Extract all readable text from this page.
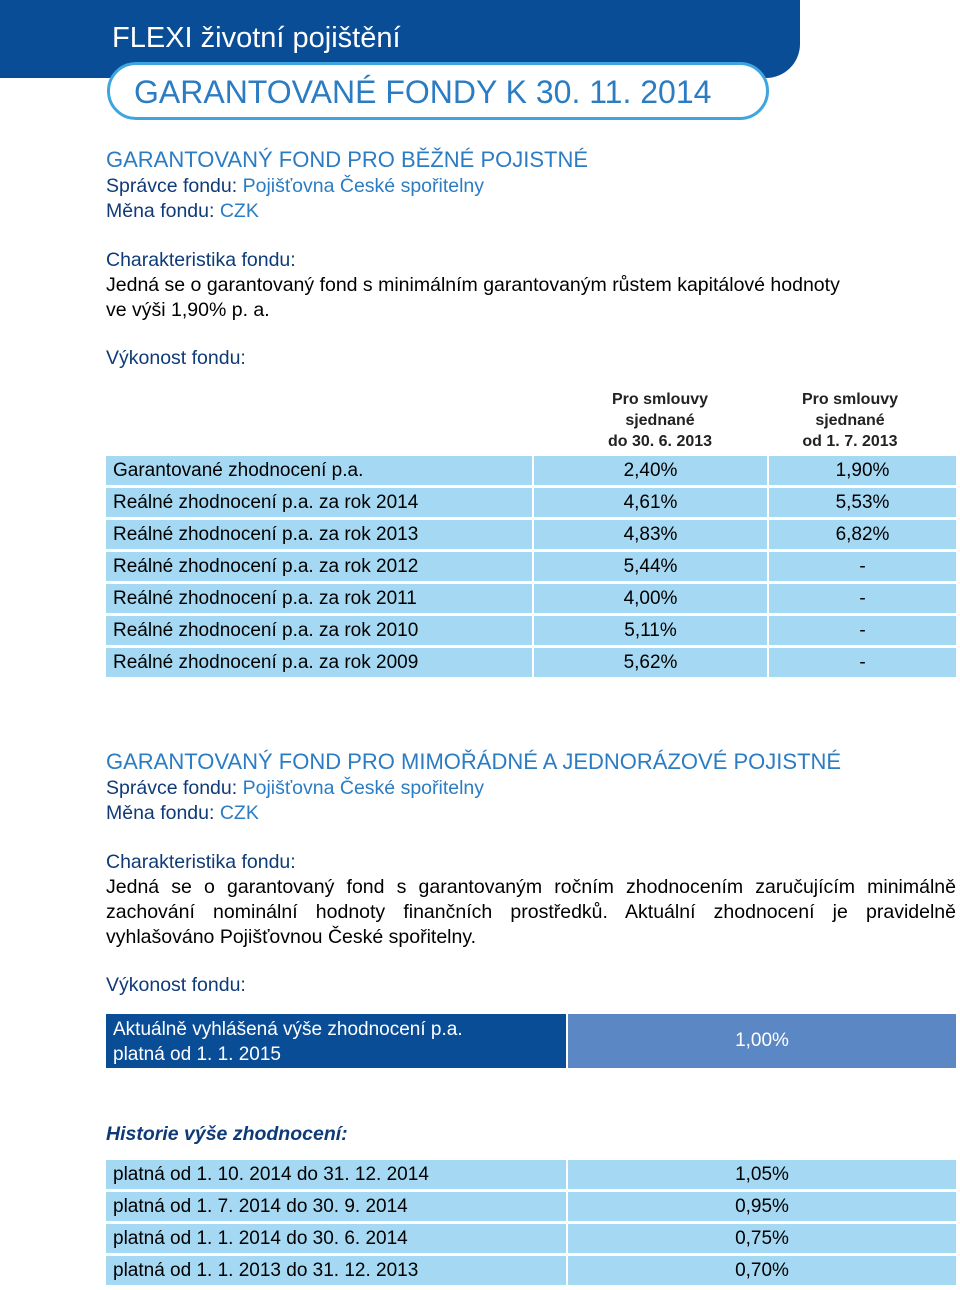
FLEXI životní pojištění
GARANTOVANÉ FONDY K 30. 11. 2014
GARANTOVANÝ FOND PRO BĚŽNÉ POJISTNÉ
Správce fondu: Pojišťovna České spořitelny
Měna fondu: CZK
Charakteristika fondu:
Jedná se o garantovaný fond s minimálním garantovaným růstem kapitálové hodnoty
ve výši 1,90% p. a.
Výkonost fondu:
Pro smlouvy
sjednané
do 30. 6. 2013
Pro smlouvy
sjednané
od 1. 7. 2013
Garantované zhodnocení p.a.	2,40%	1,90%
Reálné zhodnocení p.a. za rok 2014	4,61%	5,53%
Reálné zhodnocení p.a. za rok 2013	4,83%	6,82%
Reálné zhodnocení p.a. za rok 2012	5,44%	-
Reálné zhodnocení p.a. za rok 2011	4,00%	-
Reálné zhodnocení p.a. za rok 2010	5,11%	-
Reálné zhodnocení p.a. za rok 2009	5,62%	-
GARANTOVANÝ FOND PRO MIMOŘÁDNÉ A JEDNORÁZOVÉ POJISTNÉ
Správce fondu: Pojišťovna České spořitelny
Měna fondu: CZK
Charakteristika fondu:
Jedná se o garantovaný fond s garantovaným ročním zhodnocením zaručujícím minimálně zachování nominální hodnoty finančních prostředků. Aktuální zhodnocení je pravidelně vyhlašováno Pojišťovnou České spořitelny.
Výkonost fondu:
Aktuálně vyhlášená výše zhodnocení p.a.
platná od 1. 1. 2015
1,00%
Historie výše zhodnocení:
platná od 1. 10. 2014 do 31. 12. 2014	1,05%
platná od 1. 7. 2014 do 30. 9. 2014	0,95%
platná od 1. 1. 2014 do 30. 6. 2014	0,75%
platná od 1. 1. 2013 do 31. 12. 2013	0,70%
